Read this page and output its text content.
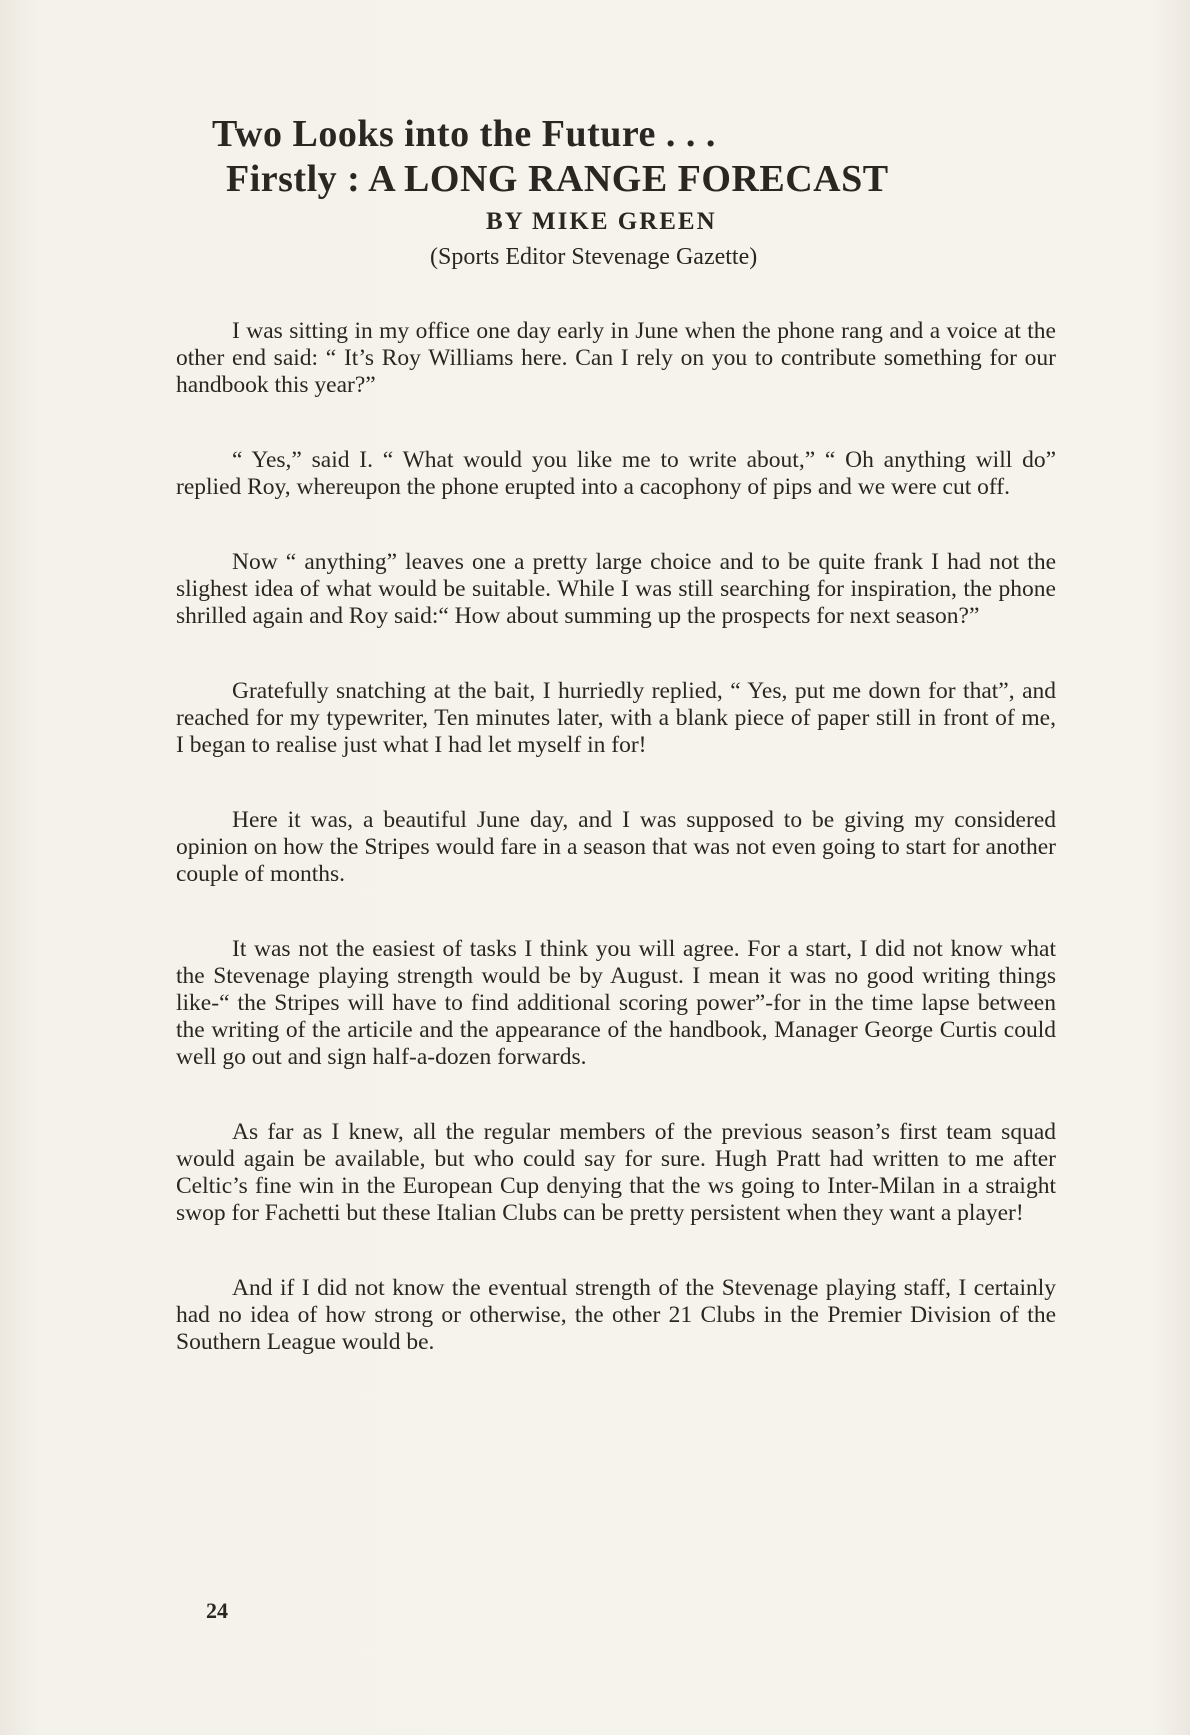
Two Looks into the Future . . .
Firstly : A LONG RANGE FORECAST
BY MIKE GREEN
(Sports Editor Stevenage Gazette)

I was sitting in my office one day early in June when the phone rang and a voice at the other end said: “ It’s Roy Williams here. Can I rely on you to contribute something for our handbook this year?”

“ Yes,” said I. “ What would you like me to write about,” “ Oh anything will do” replied Roy, whereupon the phone erupted into a cacophony of pips and we were cut off.

Now “ anything” leaves one a pretty large choice and to be quite frank I had not the slighest idea of what would be suitable. While I was still searching for inspiration, the phone shrilled again and Roy said:“ How about summing up the prospects for next season?”

Gratefully snatching at the bait, I hurriedly replied, “ Yes, put me down for that”, and reached for my typewriter, Ten minutes later, with a blank piece of paper still in front of me, I began to realise just what I had let myself in for!

Here it was, a beautiful June day, and I was supposed to be giving my considered opinion on how the Stripes would fare in a season that was not even going to start for another couple of months.

It was not the easiest of tasks I think you will agree. For a start, I did not know what the Stevenage playing strength would be by August. I mean it was no good writing things like-“ the Stripes will have to find additional scoring power”-for in the time lapse between the writing of the articile and the appearance of the handbook, Manager George Curtis could well go out and sign half-a-dozen forwards.

As far as I knew, all the regular members of the previous season’s first team squad would again be available, but who could say for sure. Hugh Pratt had written to me after Celtic’s fine win in the European Cup denying that the ws going to Inter-Milan in a straight swop for Fachetti but these Italian Clubs can be pretty persistent when they want a player!

And if I did not know the eventual strength of the Stevenage playing staff, I certainly had no idea of how strong or otherwise, the other 21 Clubs in the Premier Division of the Southern League would be.

24
